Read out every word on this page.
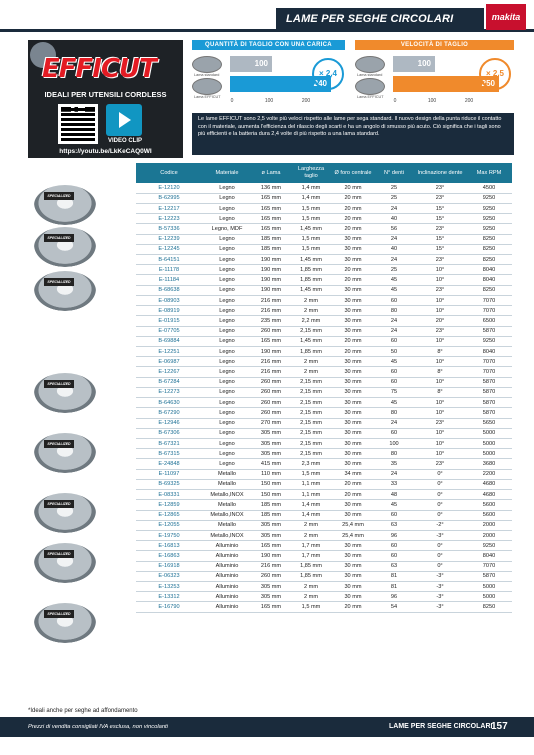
LAME PER SEGHE CIRCOLARI	makita
EFFICUT
IDEALI PER UTENSILI CORDLESS
VIDEO CLIP
https://youtu.be/LkKeCAQ0WI
QUANTITÀ DI TAGLIO CON UNA CARICA
Lama standard
Lama EFFICUT
100
240
× 2,4
0	100	200
VELOCITÀ DI TAGLIO
Lama standard
Lama EFFICUT
100
250
× 2,5
0	100	200
Le lame EFFICUT sono 2,5 volte più veloci rispetto alle lame per sega standard. Il nuovo design della punta riduce il contatto con il materiale, aumenta l'efficienza del rilascio degli scarti e ha un angolo di smusso più acuto. Ciò significa che i tagli sono più efficienti e la batteria dura 2,4 volte di più rispetto a una lama standard.
SPECIALIZED
SPECIALIZED
SPECIALIZED
SPECIALIZED
SPECIALIZED
SPECIALIZED
SPECIALIZED
SPECIALIZED
Codice	Materiale	ø Lama	Larghezza taglio	Ø foro centrale	N° denti	Inclinazione dente	Max RPM
E-12120	Legno	136 mm	1,4 mm	20 mm	25	23°	4500
B-62995	Legno	165 mm	1,4 mm	20 mm	25	23°	9250
E-12217	Legno	165 mm	1,5 mm	20 mm	24	15°	9250
E-12223	Legno	165 mm	1,5 mm	20 mm	40	15°	9250
B-57336	Legno, MDF	165 mm	1,45 mm	20 mm	56	23°	9250
E-12239	Legno	185 mm	1,5 mm	30 mm	24	15°	8250
E-12245	Legno	185 mm	1,5 mm	30 mm	40	15°	8250
B-64151	Legno	190 mm	1,45 mm	30 mm	24	23°	8250
E-11178	Legno	190 mm	1,85 mm	20 mm	25	10°	8040
E-11184	Legno	190 mm	1,85 mm	20 mm	45	10°	8040
B-68638	Legno	190 mm	1,45 mm	30 mm	45	23°	8250
E-08903	Legno	216 mm	2 mm	30 mm	60	10°	7070
E-08919	Legno	216 mm	2 mm	30 mm	80	10°	7070
E-01915	Legno	235 mm	2,2 mm	30 mm	24	20°	6500
E-07705	Legno	260 mm	2,15 mm	30 mm	24	23°	5870
B-69884	Legno	165 mm	1,45 mm	20 mm	60	10°	9250
E-12251	Legno	190 mm	1,85 mm	20 mm	50	8°	8040
E-06987	Legno	216 mm	2 mm	30 mm	45	10°	7070
E-12267	Legno	216 mm	2 mm	30 mm	60	8°	7070
B-67284	Legno	260 mm	2,15 mm	30 mm	60	10°	5870
E-12273	Legno	260 mm	2,15 mm	30 mm	75	8°	5870
B-64630	Legno	260 mm	2,15 mm	30 mm	45	10°	5870
B-67290	Legno	260 mm	2,15 mm	30 mm	80	10°	5870
E-12946	Legno	270 mm	2,15 mm	30 mm	24	23°	5650
B-67306	Legno	305 mm	2,15 mm	30 mm	60	10°	5000
B-67321	Legno	305 mm	2,15 mm	30 mm	100	10°	5000
B-67315	Legno	305 mm	2,15 mm	30 mm	80	10°	5000
E-24848	Legno	415 mm	2,3 mm	30 mm	35	23°	3680
E-11097	Metallo	110 mm	1,5 mm	34 mm	24	0°	2200
B-69325	Metallo	150 mm	1,1 mm	20 mm	33	0°	4680
E-08331	Metallo,INOX	150 mm	1,1 mm	20 mm	48	0°	4680
E-12859	Metallo	185 mm	1,4 mm	30 mm	45	0°	5600
E-12865	Metallo,INOX	185 mm	1,4 mm	30 mm	60	0°	5600
E-12055	Metallo	305 mm	2 mm	25,4 mm	63	-2°	2000
E-19750	Metallo,INOX	305 mm	2 mm	25,4 mm	96	-3°	2000
E-16813	Alluminio	165 mm	1,7 mm	30 mm	60	0°	9250
E-16863	Alluminio	190 mm	1,7 mm	30 mm	60	0°	8040
E-16918	Alluminio	216 mm	1,85 mm	30 mm	63	0°	7070
E-06323	Alluminio	260 mm	1,85 mm	30 mm	81	-3°	5870
E-13253	Alluminio	305 mm	2 mm	30 mm	81	-3°	5000
E-13312	Alluminio	305 mm	2 mm	30 mm	96	-3°	5000
E-16790	Alluminio	165 mm	1,5 mm	20 mm	54	-3°	8250
*Ideali anche per seghe ad affondamento
Prezzi di vendita consigliati IVA esclusa, non vincolanti	LAME PER SEGHE CIRCOLARI
157
